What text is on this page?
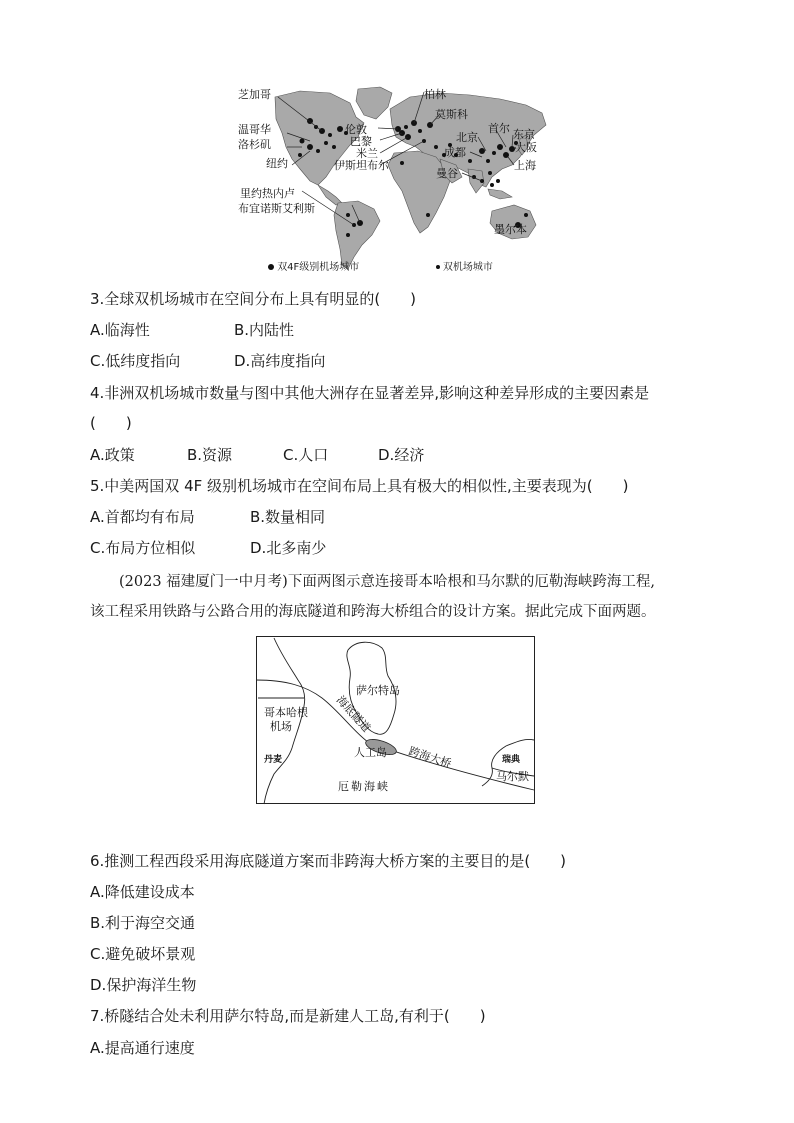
芝加哥	柏林
莫斯科
温哥华
洛杉矶
纽约
伦敦
巴黎
米兰
伊斯坦布尔
北京
首尔 东京
大阪
成都
上海
曼谷
里约热内卢
布宜诺斯艾利斯
墨尔本
双4F级别机场城市	双机场城市
3.全球双机场城市在空间分布上具有明显的(　　)
A.临海性	B.内陆性
C.低纬度指向	D.高纬度指向
4.非洲双机场城市数量与图中其他大洲存在显著差异,影响这种差异形成的主要因素是
(　　)
A.政策	B.资源	C.人口	D.经济
5.中美两国双 4F 级别机场城市在空间布局上具有极大的相似性,主要表现为(　　)
A.首都均有布局	B.数量相同
C.布局方位相似	D.北多南少
(2023 福建厦门一中月考)下面两图示意连接哥本哈根和马尔默的厄勒海峡跨海工程,
该工程采用铁路与公路合用的海底隧道和跨海大桥组合的设计方案。据此完成下面两题。
萨尔特岛
哥本哈根
机场	海底隧道
人工岛 跨海大桥
丹麦	瑞典
马尔默
厄勒海峡
6.推测工程西段采用海底隧道方案而非跨海大桥方案的主要目的是(　　)
A.降低建设成本
B.利于海空交通
C.避免破坏景观
D.保护海洋生物
7.桥隧结合处未利用萨尔特岛,而是新建人工岛,有利于(　　)
A.提高通行速度
